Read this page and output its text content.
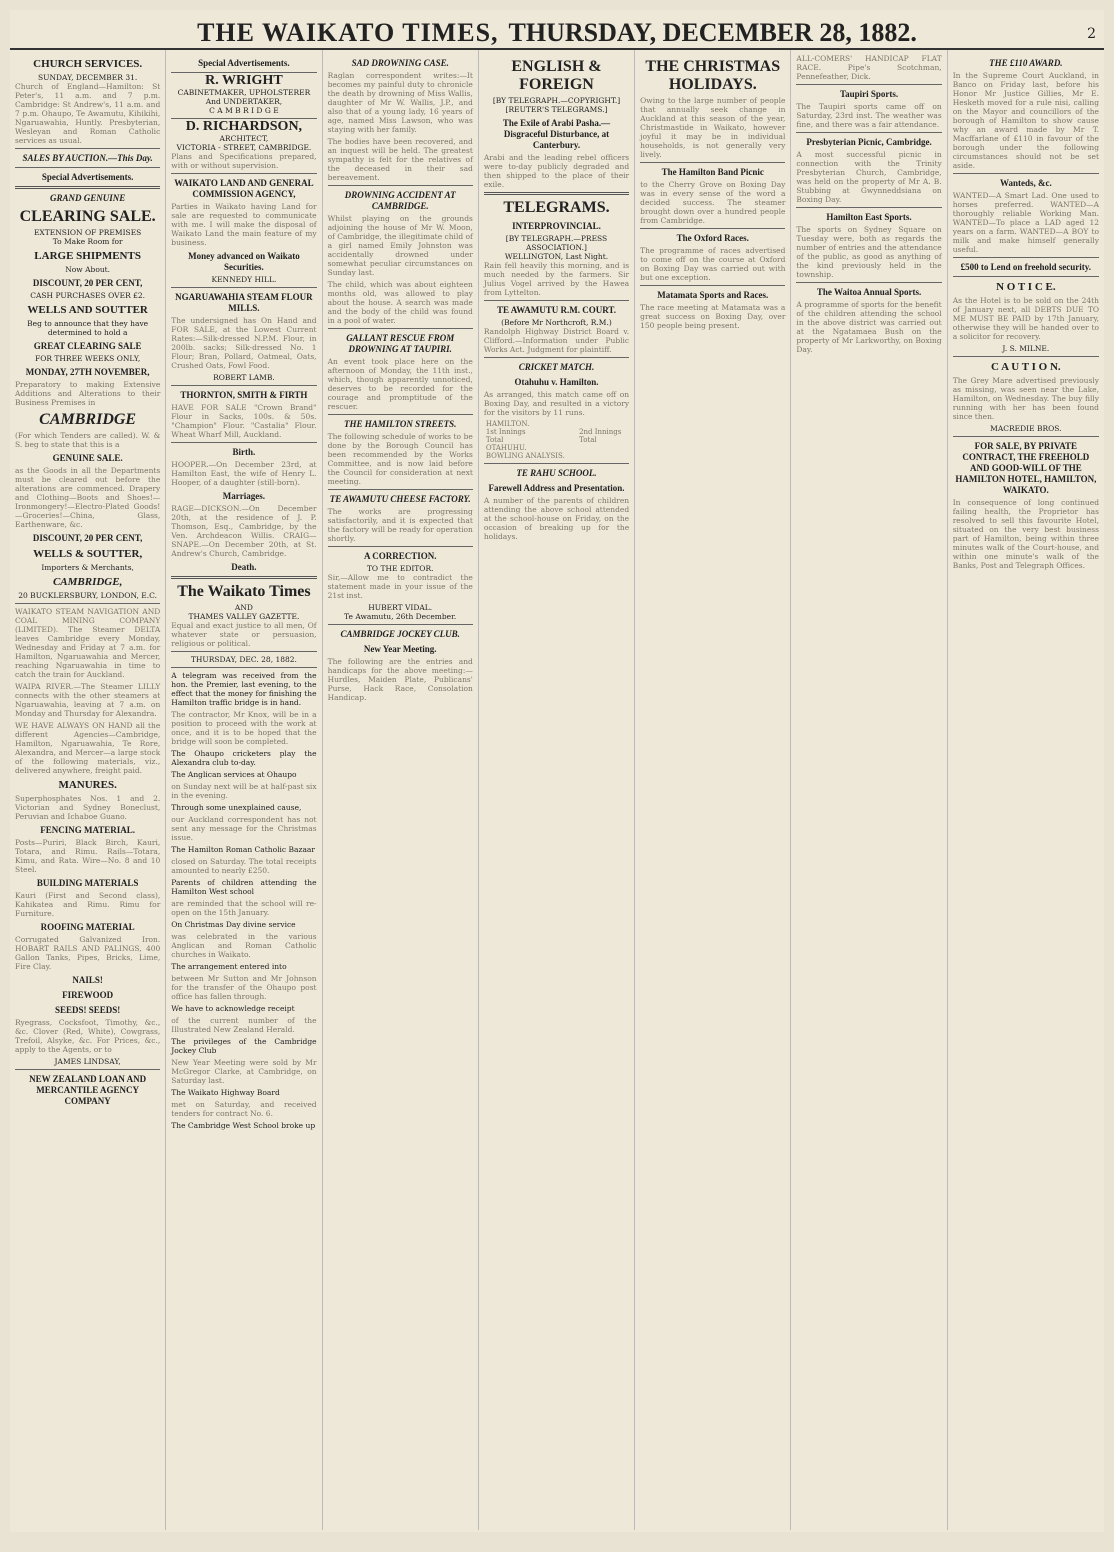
THE WAIKATO TIMES, THURSDAY, DECEMBER 28, 1882.	2
CHURCH SERVICES.
SUNDAY, DECEMBER 31.
Church of England—Hamilton: St Peter's, 11 a.m. and 7 p.m. Cambridge: St Andrew's, 11 a.m. and 7 p.m. Ohaupo, Te Awamutu, Kihikihi, Ngaruawahia, Huntly. Presbyterian, Wesleyan and Roman Catholic services as usual.
SALES BY AUCTION.—This Day.
Special Advertisements.
GRAND GENUINE
CLEARING SALE.
EXTENSION OF PREMISES
To Make Room for
LARGE SHIPMENTS
Now About.
DISCOUNT, 20 PER CENT,
CASH PURCHASES OVER £2.
WELLS AND SOUTTER
Beg to announce that they have determined to hold a
GREAT CLEARING SALE
FOR THREE WEEKS ONLY,
MONDAY, 27TH NOVEMBER,
Preparatory to making Extensive Additions and Alterations to their Business Premises in
CAMBRIDGE
(For which Tenders are called). W. & S. beg to state that this is a
GENUINE SALE.
as the Goods in all the Departments must be cleared out before the alterations are commenced. Drapery and Clothing—Boots and Shoes!—Ironmongery!—Electro-Plated Goods!—Groceries!—China, Glass, Earthenware, &c.
DISCOUNT, 20 PER CENT,
WELLS & SOUTTER,
Importers & Merchants,
CAMBRIDGE,
20 BUCKLERSBURY, LONDON, E.C.
WAIKATO STEAM NAVIGATION AND COAL MINING COMPANY (LIMITED). The Steamer DELTA leaves Cambridge every Monday, Wednesday and Friday at 7 a.m. for Hamilton, Ngaruawahia and Mercer, reaching Ngaruawahia in time to catch the train for Auckland.
WAIPA RIVER.—The Steamer LILLY connects with the other steamers at Ngaruawahia, leaving at 7 a.m. on Monday and Thursday for Alexandra.
WE HAVE ALWAYS ON HAND all the different Agencies—Cambridge, Hamilton, Ngaruawahia, Te Rore, Alexandra, and Mercer—a large stock of the following materials, viz., delivered anywhere, freight paid.
MANURES.
Superphosphates Nos. 1 and 2. Victorian and Sydney Boneclust, Peruvian and Ichaboe Guano.
FENCING MATERIAL.
Posts—Puriri, Black Birch, Kauri, Totara, and Rimu. Rails—Totara, Kimu, and Rata. Wire—No. 8 and 10 Steel.
BUILDING MATERIALS
Kauri (First and Second class), Kahikatea and Rimu. Rimu for Furniture.
ROOFING MATERIAL
Corrugated Galvanized Iron. HOBART RAILS AND PALINGS, 400 Gallon Tanks, Pipes, Bricks, Lime, Fire Clay.
NAILS!
FIREWOOD
SEEDS! SEEDS!
Ryegrass, Cocksfoot, Timothy, &c., &c. Clover (Red, White), Cowgrass, Trefoil, Alsyke, &c. For Prices, &c., apply to the Agents, or to
JAMES LINDSAY,
NEW ZEALAND LOAN AND MERCANTILE AGENCY COMPANY
Special Advertisements.
R. WRIGHT
CABINETMAKER, UPHOLSTERER And UNDERTAKER,
C A M B R I D G E
D. RICHARDSON,
ARCHITECT,
VICTORIA - STREET, CAMBRIDGE.
Plans and Specifications prepared, with or without supervision.
WAIKATO LAND AND GENERAL COMMISSION AGENCY,
Parties in Waikato having Land for sale are requested to communicate with me. I will make the disposal of Waikato Land the main feature of my business.
Money advanced on Waikato Securities.
KENNEDY HILL.
NGARUAWAHIA STEAM FLOUR MILLS.
The undersigned has On Hand and FOR SALE, at the Lowest Current Rates:—Silk-dressed N.P.M. Flour, in 200lb. sacks; Silk-dressed No. 1 Flour; Bran, Pollard, Oatmeal, Oats, Crushed Oats, Fowl Food.
ROBERT LAMB.
THORNTON, SMITH & FIRTH
HAVE FOR SALE "Crown Brand" Flour in Sacks, 100s. & 50s. "Champion" Flour. "Castalia" Flour. Wheat Wharf Mill, Auckland.
Birth.
HOOPER.—On December 23rd, at Hamilton East, the wife of Henry L. Hooper, of a daughter (still-born).
Marriages.
RAGE—DICKSON.—On December 20th, at the residence of J. P. Thomson, Esq., Cambridge, by the Ven. Archdeacon Willis. CRAIG—SNAPE.—On December 20th, at St. Andrew's Church, Cambridge.
Death.
The Waikato Times
AND
THAMES VALLEY GAZETTE.
Equal and exact justice to all men, Of whatever state or persuasion, religious or political.
THURSDAY, DEC. 28, 1882.
A telegram was received from the hon. the Premier, last evening, to the effect that the money for finishing the Hamilton traffic bridge is in hand.
The contractor, Mr Knox, will be in a position to proceed with the work at once, and it is to be hoped that the bridge will soon be completed.
The Ohaupo cricketers play the Alexandra club to-day.
The Anglican services at Ohaupo
on Sunday next will be at half-past six in the evening.
Through some unexplained cause,
our Auckland correspondent has not sent any message for the Christmas issue.
The Hamilton Roman Catholic Bazaar
closed on Saturday. The total receipts amounted to nearly £250.
Parents of children attending the Hamilton West school
are reminded that the school will re-open on the 15th January.
On Christmas Day divine service
was celebrated in the various Anglican and Roman Catholic churches in Waikato.
The arrangement entered into
between Mr Sutton and Mr Johnson for the transfer of the Ohaupo post office has fallen through.
We have to acknowledge receipt
of the current number of the Illustrated New Zealand Herald.
The privileges of the Cambridge Jockey Club
New Year Meeting were sold by Mr McGregor Clarke, at Cambridge, on Saturday last.
The Waikato Highway Board
met on Saturday, and received tenders for contract No. 6.
The Cambridge West School broke up
SAD DROWNING CASE.
Raglan correspondent writes:—It becomes my painful duty to chronicle the death by drowning of Miss Wallis, daughter of Mr W. Wallis, J.P., and also that of a young lady, 16 years of age, named Miss Lawson, who was staying with her family.
The bodies have been recovered, and an inquest will be held. The greatest sympathy is felt for the relatives of the deceased in their sad bereavement.
DROWNING ACCIDENT AT CAMBRIDGE.
Whilst playing on the grounds adjoining the house of Mr W. Moon, of Cambridge, the illegitimate child of a girl named Emily Johnston was accidentally drowned under somewhat peculiar circumstances on Sunday last.
The child, which was about eighteen months old, was allowed to play about the house. A search was made and the body of the child was found in a pool of water.
GALLANT RESCUE FROM DROWNING AT TAUPIRI.
An event took place here on the afternoon of Monday, the 11th inst., which, though apparently unnoticed, deserves to be recorded for the courage and promptitude of the rescuer.
THE HAMILTON STREETS.
The following schedule of works to be done by the Borough Council has been recommended by the Works Committee, and is now laid before the Council for consideration at next meeting.
TE AWAMUTU CHEESE FACTORY.
The works are progressing satisfactorily, and it is expected that the factory will be ready for operation shortly.
A CORRECTION.
TO THE EDITOR.
Sir,—Allow me to contradict the statement made in your issue of the 21st inst.
HUBERT VIDAL.
Te Awamutu, 26th December.
CAMBRIDGE JOCKEY CLUB.
New Year Meeting.
The following are the entries and handicaps for the above meeting:—Hurdles, Maiden Plate, Publicans' Purse, Hack Race, Consolation Handicap.
ENGLISH & FOREIGN
[BY TELEGRAPH.—COPYRIGHT.]
[REUTER'S TELEGRAMS.]
The Exile of Arabi Pasha.—Disgraceful Disturbance, at Canterbury.
Arabi and the leading rebel officers were to-day publicly degraded and then shipped to the place of their exile.
TELEGRAMS.
INTERPROVINCIAL.
[BY TELEGRAPH.—PRESS ASSOCIATION.]
WELLINGTON, Last Night.
Rain fell heavily this morning, and is much needed by the farmers. Sir Julius Vogel arrived by the Hawea from Lyttelton.
TE AWAMUTU R.M. COURT.
(Before Mr Northcroft, R.M.)
Randolph Highway District Board v. Clifford.—Information under Public Works Act. Judgment for plaintiff.
CRICKET MATCH.
Otahuhu v. Hamilton.
As arranged, this match came off on Boxing Day, and resulted in a victory for the visitors by 11 runs.
HAMILTON.	
1st Innings	2nd Innings
Total	Total
OTAHUHU.	
BOWLING ANALYSIS.	
TE RAHU SCHOOL.
Farewell Address and Presentation.
A number of the parents of children attending the above school attended at the school-house on Friday, on the occasion of breaking up for the holidays.
THE CHRISTMAS HOLIDAYS.
Owing to the large number of people that annually seek change in Auckland at this season of the year, Christmastide in Waikato, however joyful it may be in individual households, is not generally very lively.
The Hamilton Band Picnic
to the Cherry Grove on Boxing Day was in every sense of the word a decided success. The steamer brought down over a hundred people from Cambridge.
The Oxford Races.
The programme of races advertised to come off on the course at Oxford on Boxing Day was carried out with but one exception.
Matamata Sports and Races.
The race meeting at Matamata was a great success on Boxing Day, over 150 people being present.
ALL-COMERS' HANDICAP FLAT RACE. Pipe's Scotchman, Pennefeather, Dick.
Taupiri Sports.
The Taupiri sports came off on Saturday, 23rd inst. The weather was fine, and there was a fair attendance.
Presbyterian Picnic, Cambridge.
A most successful picnic in connection with the Trinity Presbyterian Church, Cambridge, was held on the property of Mr A. B. Stubbing at Gwynneddsiana on Boxing Day.
Hamilton East Sports.
The sports on Sydney Square on Tuesday were, both as regards the number of entries and the attendance of the public, as good as anything of the kind previously held in the township.
The Waitoa Annual Sports.
A programme of sports for the benefit of the children attending the school in the above district was carried out at the Ngatamaea Bush on the property of Mr Larkworthy, on Boxing Day.
THE £110 AWARD.
In the Supreme Court Auckland, in Banco on Friday last, before his Honor Mr Justice Gillies, Mr E. Hesketh moved for a rule nisi, calling on the Mayor and councillors of the borough of Hamilton to show cause why an award made by Mr T. Macffarlane of £110 in favour of the borough under the following circumstances should not be set aside.
Wanteds, &c.
WANTED—A Smart Lad. One used to horses preferred. WANTED—A thoroughly reliable Working Man. WANTED—To place a LAD aged 12 years on a farm. WANTED—A BOY to milk and make himself generally useful.
£500 to Lend on freehold security.
N O T I C E.
As the Hotel is to be sold on the 24th of January next, all DEBTS DUE TO ME MUST BE PAID by 17th January, otherwise they will be handed over to a solicitor for recovery.
J. S. MILNE.
C A U T I O N.
The Grey Mare advertised previously as missing, was seen near the Lake, Hamilton, on Wednesday. The buy filly running with her has been found since then.
MACREDIE BROS.
FOR SALE, BY PRIVATE CONTRACT, THE FREEHOLD AND GOOD-WILL OF THE HAMILTON HOTEL, HAMILTON, WAIKATO.
In consequence of long continued failing health, the Proprietor has resolved to sell this favourite Hotel, situated on the very best business part of Hamilton, being within three minutes walk of the Court-house, and within one minute's walk of the Banks, Post and Telegraph Offices.
